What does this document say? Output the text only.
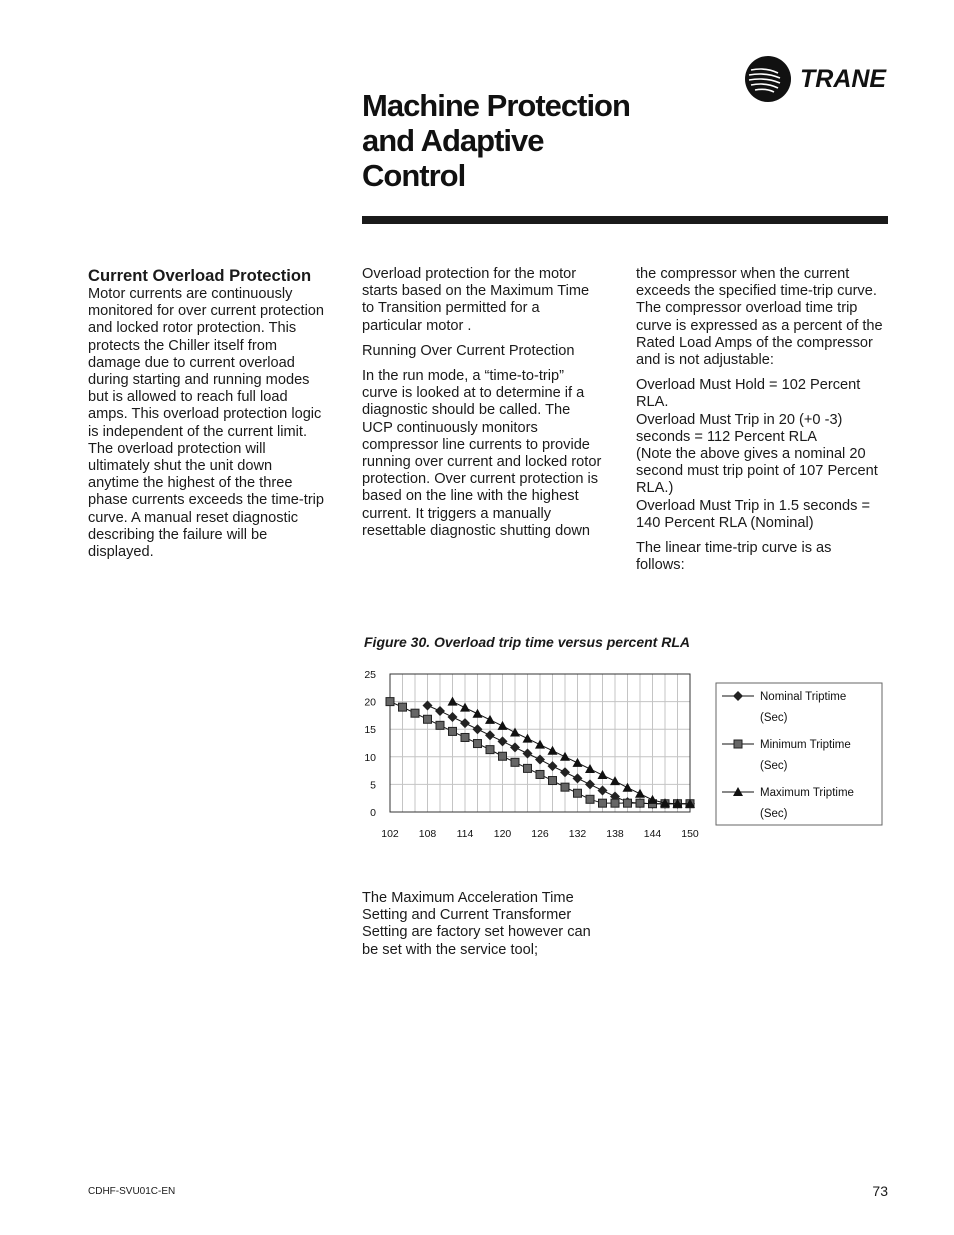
TRANE
Machine Protection
and Adaptive
Control
Current Overload Protection
Motor currents are continuously
monitored for over current protection
and locked rotor protection. This
protects the Chiller itself from
damage due to current overload
during starting and running modes
but is allowed to reach full load
amps. This overload protection logic
is independent of the current limit.
The overload protection will
ultimately shut the unit down
anytime the highest of the three
phase currents exceeds the time-trip
curve. A manual reset diagnostic
describing the failure will be
displayed.

Overload protection for the motor
starts based on the Maximum Time
to Transition permitted for a
particular motor .

Running Over Current Protection

In the run mode, a “time-to-trip”
curve is looked at to determine if a
diagnostic should be called. The
UCP continuously monitors
compressor line currents to provide
running over current and locked rotor
protection. Over current protection is
based on the line with the highest
current. It triggers a manually
resettable diagnostic shutting down

the compressor when the current
exceeds the specified time-trip curve.
The compressor overload time trip
curve is expressed as a percent of the
Rated Load Amps of the compressor
and is not adjustable:

Overload Must Hold = 102 Percent
RLA.
Overload Must Trip in 20 (+0 -3)
seconds = 112 Percent RLA
(Note the above gives a nominal 20
second must trip point of 107 Percent
RLA.)
Overload Must Trip in 1.5 seconds =
140 Percent RLA (Nominal)

The linear time-trip curve is as
follows:

Figure 30. Overload trip time versus percent RLA

102 108 114 120 126 132 138 144 150
0
5
10
15
20
25
Nominal Triptime
(Sec)
Minimum Triptime
(Sec)
Maximum Triptime
(Sec)
The Maximum Acceleration Time
Setting and Current Transformer
Setting are factory set however can
be set with the service tool;
CDHF-SVU01C-EN	73
